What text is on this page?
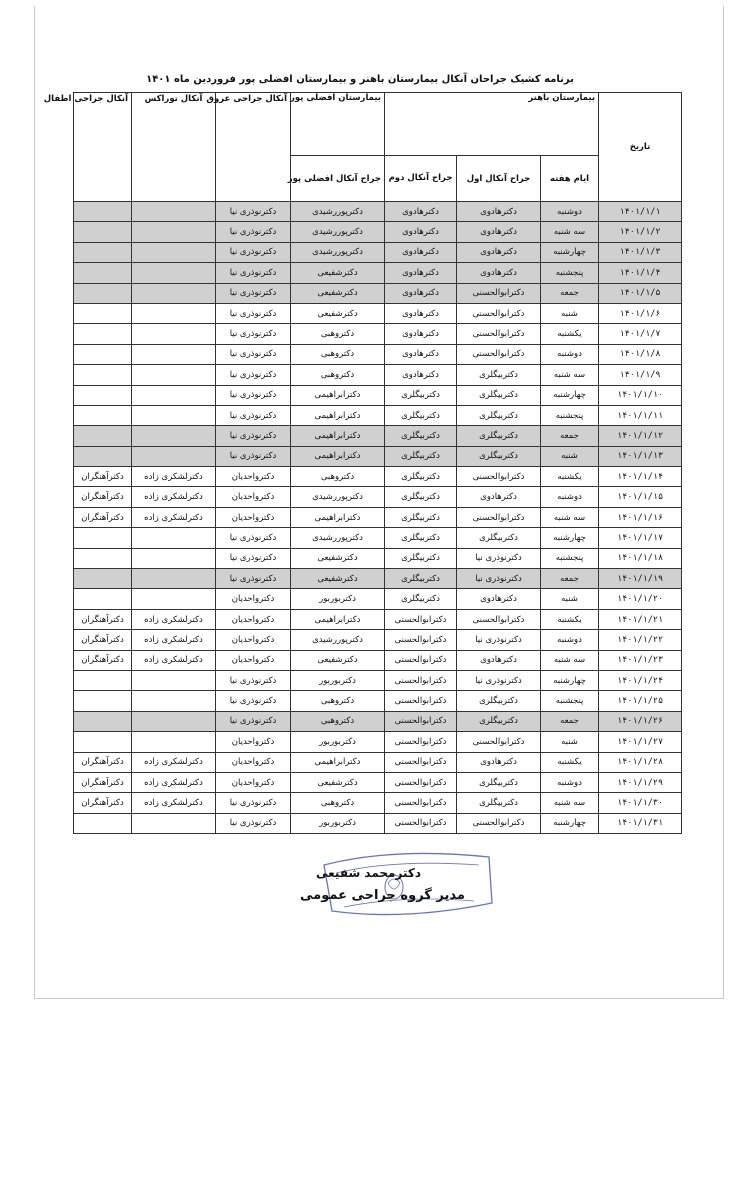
برنامه کشیک جراحان آنکال بیمارستان باهنر و بیمارستان افضلی پور فروردین ماه ۱۴۰۱
تاریخ	بیمارستان باهنر			بیمارستان افضلی پور	آنکال جراحی عروق	آنکال توراکس	آنکال جراحی اطفال
	ایام هفته	جراح آنکال اول	جراح آنکال دوم	جراح آنکال افضلی پور			
۱۴۰۱/۱/۱	دوشنبه	دکترهادوی	دکترهادوی	دکترپوررشیدی	دکترنوذری نیا		
۱۴۰۱/۱/۲	سه شنبه	دکترهادوی	دکترهادوی	دکترپوررشیدی	دکترنوذری نیا		
۱۴۰۱/۱/۳	چهارشنبه	دکترهادوی	دکترهادوی	دکترپوررشیدی	دکترنوذری نیا		
۱۴۰۱/۱/۴	پنجشنبه	دکترهادوی	دکترهادوی	دکترشفیعی	دکترنوذری نیا		
۱۴۰۱/۱/۵	جمعه	دکترابوالحسنی	دکترهادوی	دکترشفیعی	دکترنوذری نیا		
۱۴۰۱/۱/۶	شنبه	دکترابوالحسنی	دکترهادوی	دکترشفیعی	دکترنوذری نیا		
۱۴۰۱/۱/۷	یکشنبه	دکترابوالحسنی	دکترهادوی	دکتروهبی	دکترنوذری نیا		
۱۴۰۱/۱/۸	دوشنبه	دکترابوالحسنی	دکترهادوی	دکتروهبی	دکترنوذری نیا		
۱۴۰۱/۱/۹	سه شنبه	دکتربیگلری	دکترهادوی	دکتروهبی	دکترنوذری نیا		
۱۴۰۱/۱/۱۰	چهارشنبه	دکتربیگلری	دکتربیگلری	دکترابراهیمی	دکترنوذری نیا		
۱۴۰۱/۱/۱۱	پنجشنبه	دکتربیگلری	دکتربیگلری	دکترابراهیمی	دکترنوذری نیا		
۱۴۰۱/۱/۱۲	جمعه	دکتربیگلری	دکتربیگلری	دکترابراهیمی	دکترنوذری نیا		
۱۴۰۱/۱/۱۳	شنبه	دکتربیگلری	دکتربیگلری	دکترابراهیمی	دکترنوذری نیا		
۱۴۰۱/۱/۱۴	یکشنبه	دکترابوالحسنی	دکتربیگلری	دکتروهبی	دکترواحدیان	دکترلشکری زاده	دکترآهنگران
۱۴۰۱/۱/۱۵	دوشنبه	دکترهادوی	دکتربیگلری	دکترپوررشیدی	دکترواحدیان	دکترلشکری زاده	دکترآهنگران
۱۴۰۱/۱/۱۶	سه شنبه	دکترابوالحسنی	دکتربیگلری	دکترابراهیمی	دکترواحدیان	دکترلشکری زاده	دکترآهنگران
۱۴۰۱/۱/۱۷	چهارشنبه	دکتربیگلری	دکتربیگلری	دکترپوررشیدی	دکترنوذری نیا		
۱۴۰۱/۱/۱۸	پنجشنبه	دکترنوذری نیا	دکتربیگلری	دکترشفیعی	دکترنوذری نیا		
۱۴۰۱/۱/۱۹	جمعه	دکترنوذری نیا	دکتربیگلری	دکترشفیعی	دکترنوذری نیا		
۱۴۰۱/۱/۲۰	شنبه	دکترهادوی	دکتربیگلری	دکتربوربور	دکترواحدیان		
۱۴۰۱/۱/۲۱	یکشنبه	دکترابوالحسنی	دکترابوالحسنی	دکترابراهیمی	دکترواحدیان	دکترلشکری زاده	دکترآهنگران
۱۴۰۱/۱/۲۲	دوشنبه	دکترنوذری نیا	دکترابوالحسنی	دکترپوررشیدی	دکترواحدیان	دکترلشکری زاده	دکترآهنگران
۱۴۰۱/۱/۲۳	سه شنبه	دکترهادوی	دکترابوالحسنی	دکترشفیعی	دکترواحدیان	دکترلشکری زاده	دکترآهنگران
۱۴۰۱/۱/۲۴	چهارشنبه	دکترنوذری نیا	دکترابوالحسنی	دکتربوربور	دکترنوذری نیا		
۱۴۰۱/۱/۲۵	پنجشنبه	دکتربیگلری	دکترابوالحسنی	دکتروهبی	دکترنوذری نیا		
۱۴۰۱/۱/۲۶	جمعه	دکتربیگلری	دکترابوالحسنی	دکتروهبی	دکترنوذری نیا		
۱۴۰۱/۱/۲۷	شنبه	دکترابوالحسنی	دکترابوالحسنی	دکتربوربور	دکترواحدیان		
۱۴۰۱/۱/۲۸	یکشنبه	دکترهادوی	دکترابوالحسنی	دکترابراهیمی	دکترواحدیان	دکترلشکری زاده	دکترآهنگران
۱۴۰۱/۱/۲۹	دوشنبه	دکتربیگلری	دکترابوالحسنی	دکترشفیعی	دکترواحدیان	دکترلشکری زاده	دکترآهنگران
۱۴۰۱/۱/۳۰	سه شنبه	دکتربیگلری	دکترابوالحسنی	دکتروهبی	دکترنوذری نیا	دکترلشکری زاده	دکترآهنگران
۱۴۰۱/۱/۳۱	چهارشنبه	دکترابوالحسنی	دکترابوالحسنی	دکتربوربور	دکترنوذری نیا		
دکترمحمد شفیعی
مدیر گروه جراحی عمومی
